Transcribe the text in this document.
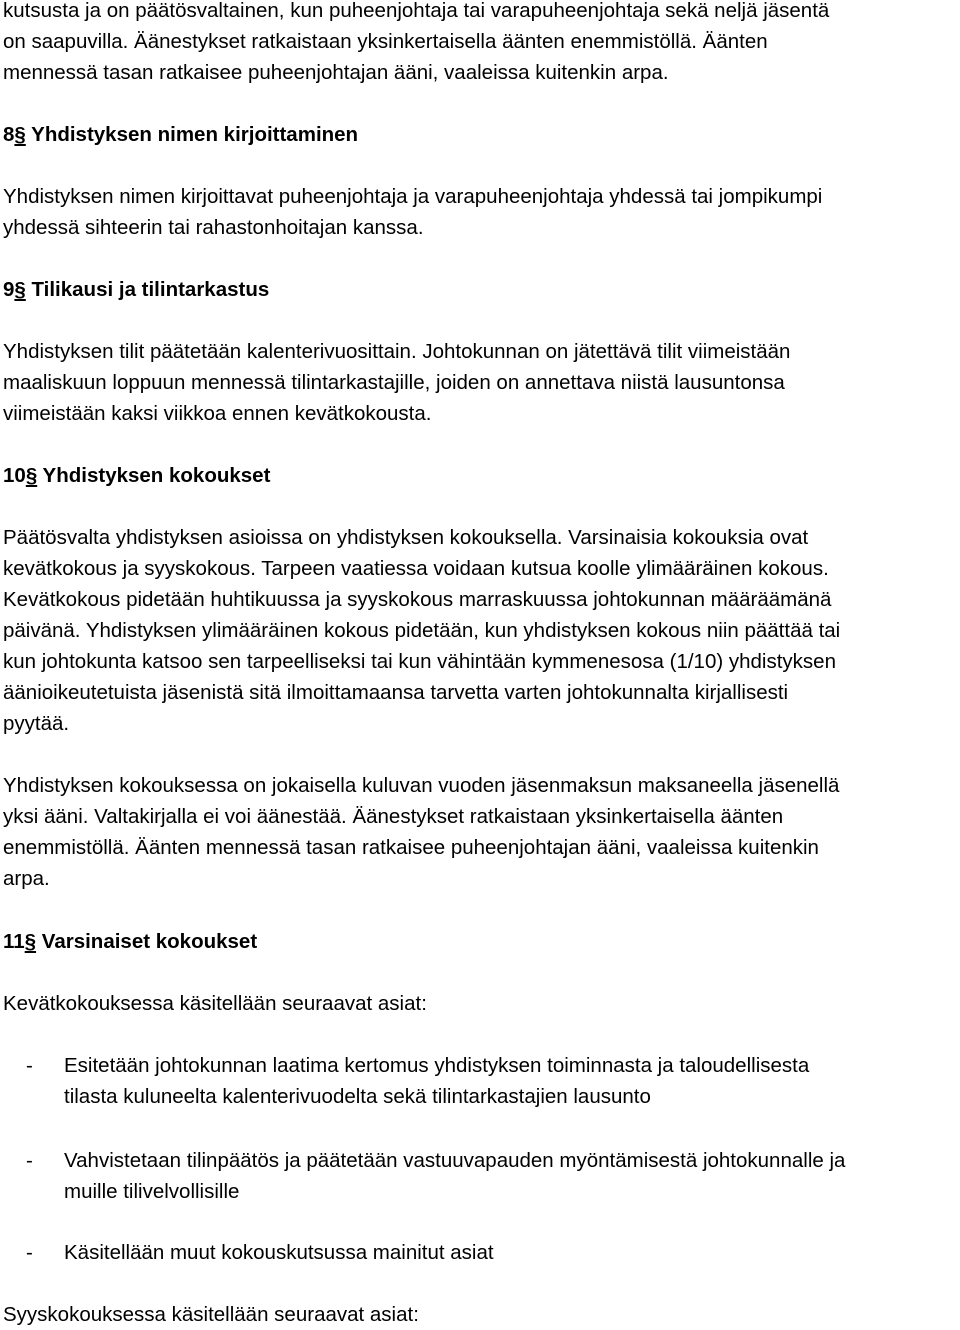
kutsusta ja on päätösvaltainen, kun puheenjohtaja tai varapuheenjohtaja sekä neljä jäsentä
on saapuvilla. Äänestykset ratkaistaan yksinkertaisella äänten enemmistöllä. Äänten
mennessä tasan ratkaisee puheenjohtajan ääni, vaaleissa kuitenkin arpa.
8§ Yhdistyksen nimen kirjoittaminen
Yhdistyksen nimen kirjoittavat puheenjohtaja ja varapuheenjohtaja yhdessä tai jompikumpi
yhdessä sihteerin tai rahastonhoitajan kanssa.
9§ Tilikausi ja tilintarkastus
Yhdistyksen tilit päätetään kalenterivuosittain. Johtokunnan on jätettävä tilit viimeistään
maaliskuun loppuun mennessä tilintarkastajille, joiden on annettava niistä lausuntonsa
viimeistään kaksi viikkoa ennen kevätkokousta.
10§ Yhdistyksen kokoukset
Päätösvalta yhdistyksen asioissa on yhdistyksen kokouksella. Varsinaisia kokouksia ovat
kevätkokous ja syyskokous. Tarpeen vaatiessa voidaan kutsua koolle ylimääräinen kokous.
Kevätkokous pidetään huhtikuussa ja syyskokous marraskuussa johtokunnan määräämänä
päivänä. Yhdistyksen ylimääräinen kokous pidetään, kun yhdistyksen kokous niin päättää tai
kun johtokunta katsoo sen tarpeelliseksi tai kun vähintään kymmenesosa (1/10) yhdistyksen
äänioikeutetuista jäsenistä sitä ilmoittamaansa tarvetta varten johtokunnalta kirjallisesti
pyytää.
Yhdistyksen kokouksessa on jokaisella kuluvan vuoden jäsenmaksun maksaneella jäsenellä
yksi ääni. Valtakirjalla ei voi äänestää. Äänestykset ratkaistaan yksinkertaisella äänten
enemmistöllä. Äänten mennessä tasan ratkaisee puheenjohtajan ääni, vaaleissa kuitenkin
arpa.
11§ Varsinaiset kokoukset
Kevätkokouksessa käsitellään seuraavat asiat:
- Esitetään johtokunnan laatima kertomus yhdistyksen toiminnasta ja taloudellisesta
tilasta kuluneelta kalenterivuodelta sekä tilintarkastajien lausunto
- Vahvistetaan tilinpäätös ja päätetään vastuuvapauden myöntämisestä johtokunnalle ja
muille tilivelvollisille
- Käsitellään muut kokouskutsussa mainitut asiat
Syyskokouksessa käsitellään seuraavat asiat:
